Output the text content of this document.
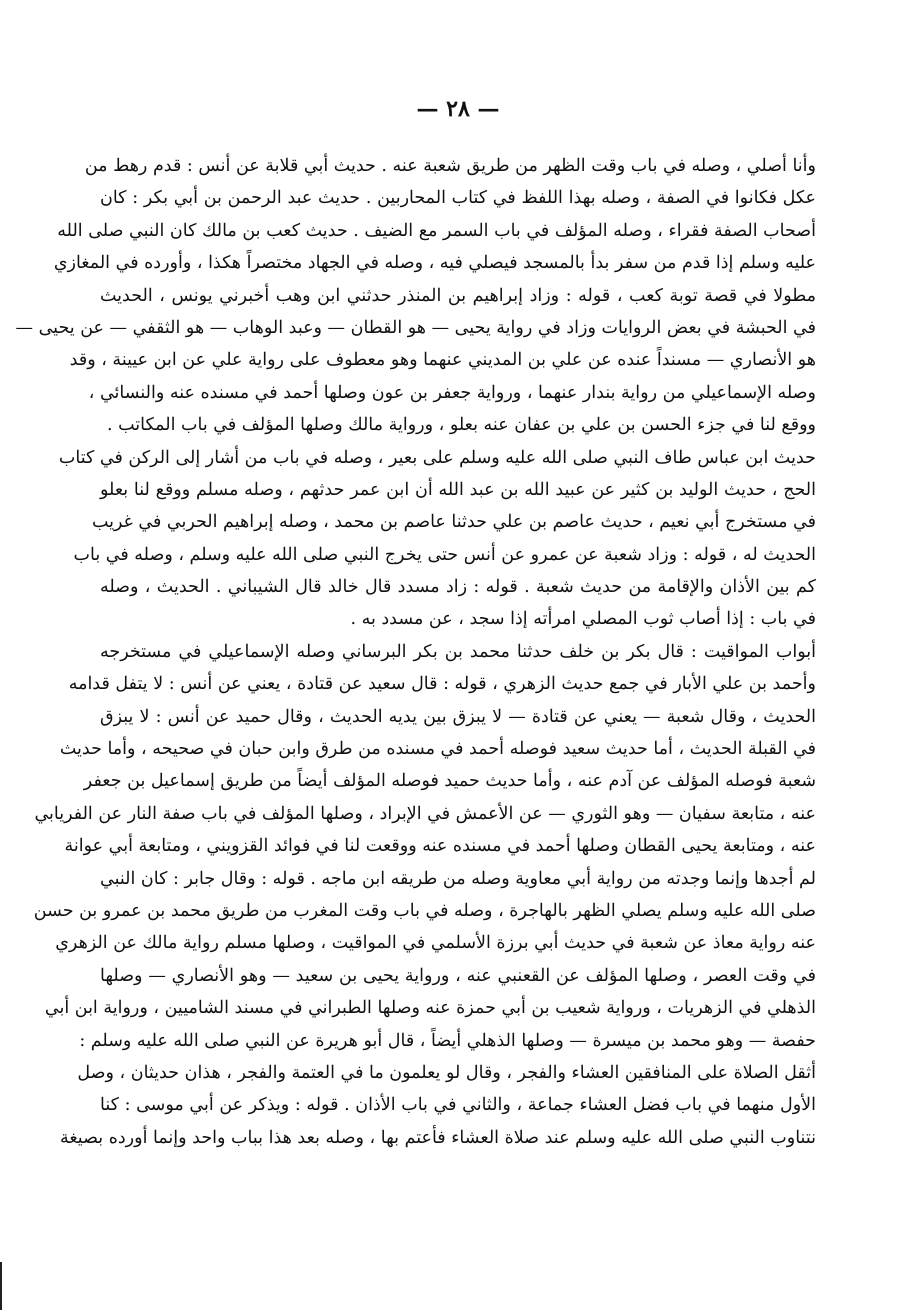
— ٢٨ —
وأنا أصلي ، وصله في باب وقت الظهر من طريق شعبة عنه . حديث أبي قلابة عن أنس : قدم رهط من
عكل فكانوا في الصفة ، وصله بهذا اللفظ في كتاب المحاربين . حديث عبد الرحمن بن أبي بكر : كان
أصحاب الصفة فقراء ، وصله المؤلف في باب السمر مع الضيف . حديث كعب بن مالك كان النبي صلى الله
عليه وسلم إذا قدم من سفر بدأ بالمسجد فيصلي فيه ، وصله في الجهاد مختصراً هكذا ، وأورده في المغازي
مطولا في قصة توبة كعب ، قوله : وزاد إبراهيم بن المنذر حدثني ابن وهب أخبرني يونس ، الحديث
في الحبشة في بعض الروايات وزاد في رواية يحيى — هو القطان — وعبد الوهاب — هو الثقفي — عن يحيى —
هو الأنصاري — مسنداً عنده عن علي بن المديني عنهما وهو معطوف على رواية علي عن ابن عيينة ، وقد
وصله الإسماعيلي من رواية بندار عنهما ، ورواية جعفر بن عون وصلها أحمد في مسنده عنه والنسائي ،
ووقع لنا في جزء الحسن بن علي بن عفان عنه بعلو ، ورواية مالك وصلها المؤلف في باب المكاتب .
حديث ابن عباس طاف النبي صلى الله عليه وسلم على بعير ، وصله في باب من أشار إلى الركن في كتاب
الحج ، حديث الوليد بن كثير عن عبيد الله بن عبد الله أن ابن عمر حدثهم ، وصله مسلم ووقع لنا بعلو
في مستخرج أبي نعيم ، حديث عاصم بن علي حدثنا عاصم بن محمد ، وصله إبراهيم الحربي في غريب
الحديث له ، قوله : وزاد شعبة عن عمرو عن أنس حتى يخرج النبي صلى الله عليه وسلم ، وصله في باب
كم بين الأذان والإقامة من حديث شعبة . قوله : زاد مسدد قال خالد قال الشيباني . الحديث ، وصله
في باب : إذا أصاب ثوب المصلي امرأته إذا سجد ، عن مسدد به .
أبواب المواقيت : قال بكر بن خلف حدثنا محمد بن بكر البرساني وصله الإسماعيلي في مستخرجه
وأحمد بن علي الأبار في جمع حديث الزهري ، قوله : قال سعيد عن قتادة ، يعني عن أنس : لا يتفل قدامه
الحديث ، وقال شعبة — يعني عن قتادة — لا يبزق بين يديه الحديث ، وقال حميد عن أنس : لا يبزق
في القبلة الحديث ، أما حديث سعيد فوصله أحمد في مسنده من طرق وابن حبان في صحيحه ، وأما حديث
شعبة فوصله المؤلف عن آدم عنه ، وأما حديث حميد فوصله المؤلف أيضاً من طريق إسماعيل بن جعفر
عنه ، متابعة سفيان — وهو الثوري — عن الأعمش في الإبراد ، وصلها المؤلف في باب صفة النار عن الفريابي
عنه ، ومتابعة يحيى القطان وصلها أحمد في مسنده عنه ووقعت لنا في فوائد القزويني ، ومتابعة أبي عوانة
لم أجدها وإنما وجدته من رواية أبي معاوية وصله من طريقه ابن ماجه . قوله : وقال جابر : كان النبي
صلى الله عليه وسلم يصلي الظهر بالهاجرة ، وصله في باب وقت المغرب من طريق محمد بن عمرو بن حسن
عنه رواية معاذ عن شعبة في حديث أبي برزة الأسلمي في المواقيت ، وصلها مسلم رواية مالك عن الزهري
في وقت العصر ، وصلها المؤلف عن القعنبي عنه ، ورواية يحيى بن سعيد — وهو الأنصاري — وصلها
الذهلي في الزهريات ، ورواية شعيب بن أبي حمزة عنه وصلها الطبراني في مسند الشاميين ، ورواية ابن أبي
حفصة — وهو محمد بن ميسرة — وصلها الذهلي أيضاً ، قال أبو هريرة عن النبي صلى الله عليه وسلم :
أثقل الصلاة على المنافقين العشاء والفجر ، وقال لو يعلمون ما في العتمة والفجر ، هذان حديثان ، وصل
الأول منهما في باب فضل العشاء جماعة ، والثاني في باب الأذان . قوله : ويذكر عن أبي موسى : كنا
نتناوب النبي صلى الله عليه وسلم عند صلاة العشاء فأعتم بها ، وصله بعد هذا بباب واحد وإنما أورده بصيغة
